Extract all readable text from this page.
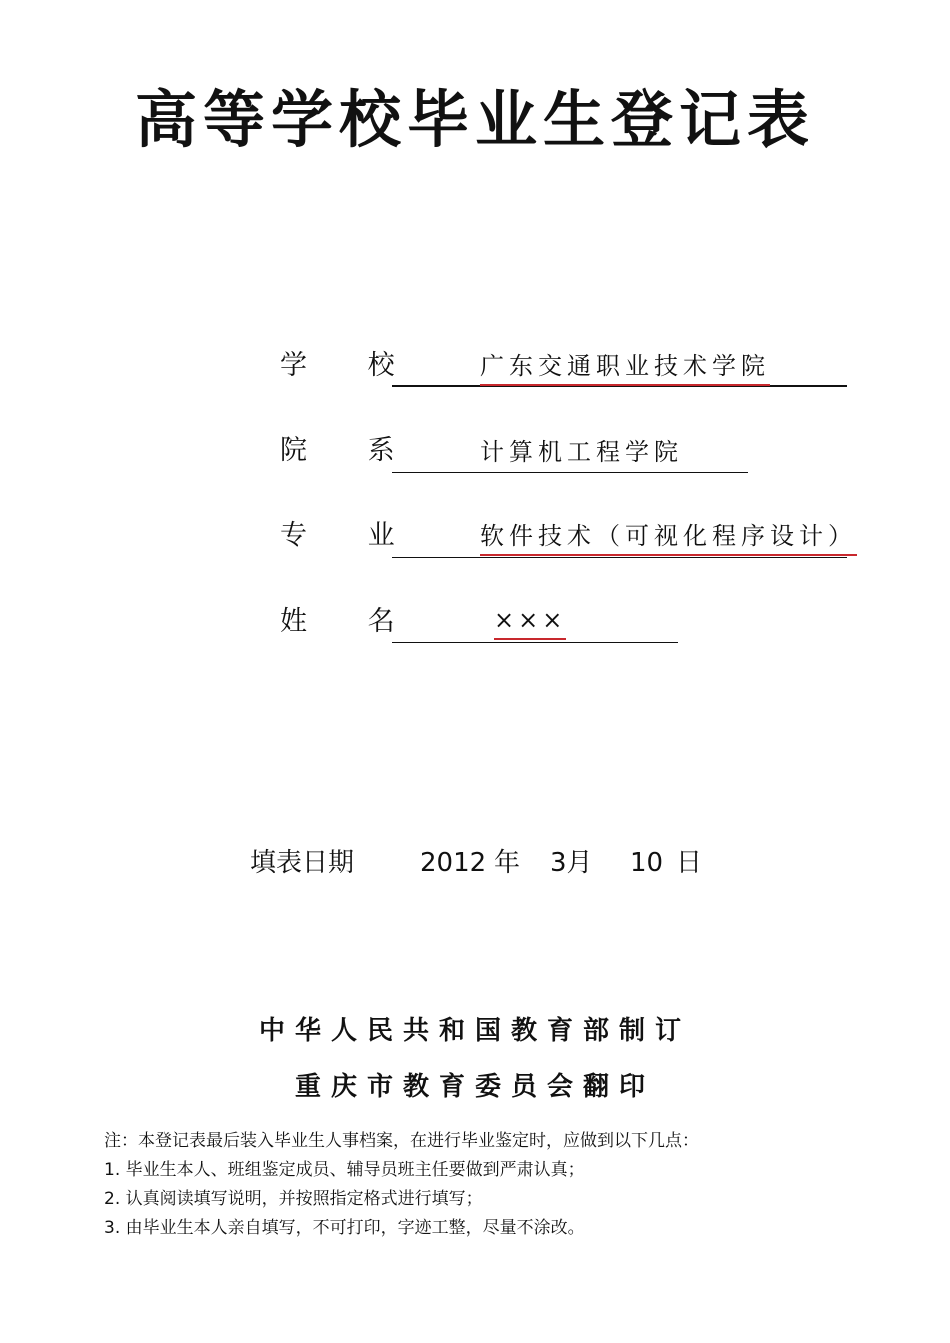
高等学校毕业生登记表
学 校 广东交通职业技术学院
院 系 计算机工程学院
专 业 软件技术（可视化程序设计）
姓 名	×××
填表日期	2012 年 3月 10 日
中华人民共和国教育部制订
重庆市教育委员会翻印
注：本登记表最后装入毕业生人事档案，在进行毕业鉴定时，应做到以下几点：
1. 毕业生本人、班组鉴定成员、辅导员班主任要做到严肃认真；
2. 认真阅读填写说明，并按照指定格式进行填写；
3. 由毕业生本人亲自填写，不可打印，字迹工整，尽量不涂改。
